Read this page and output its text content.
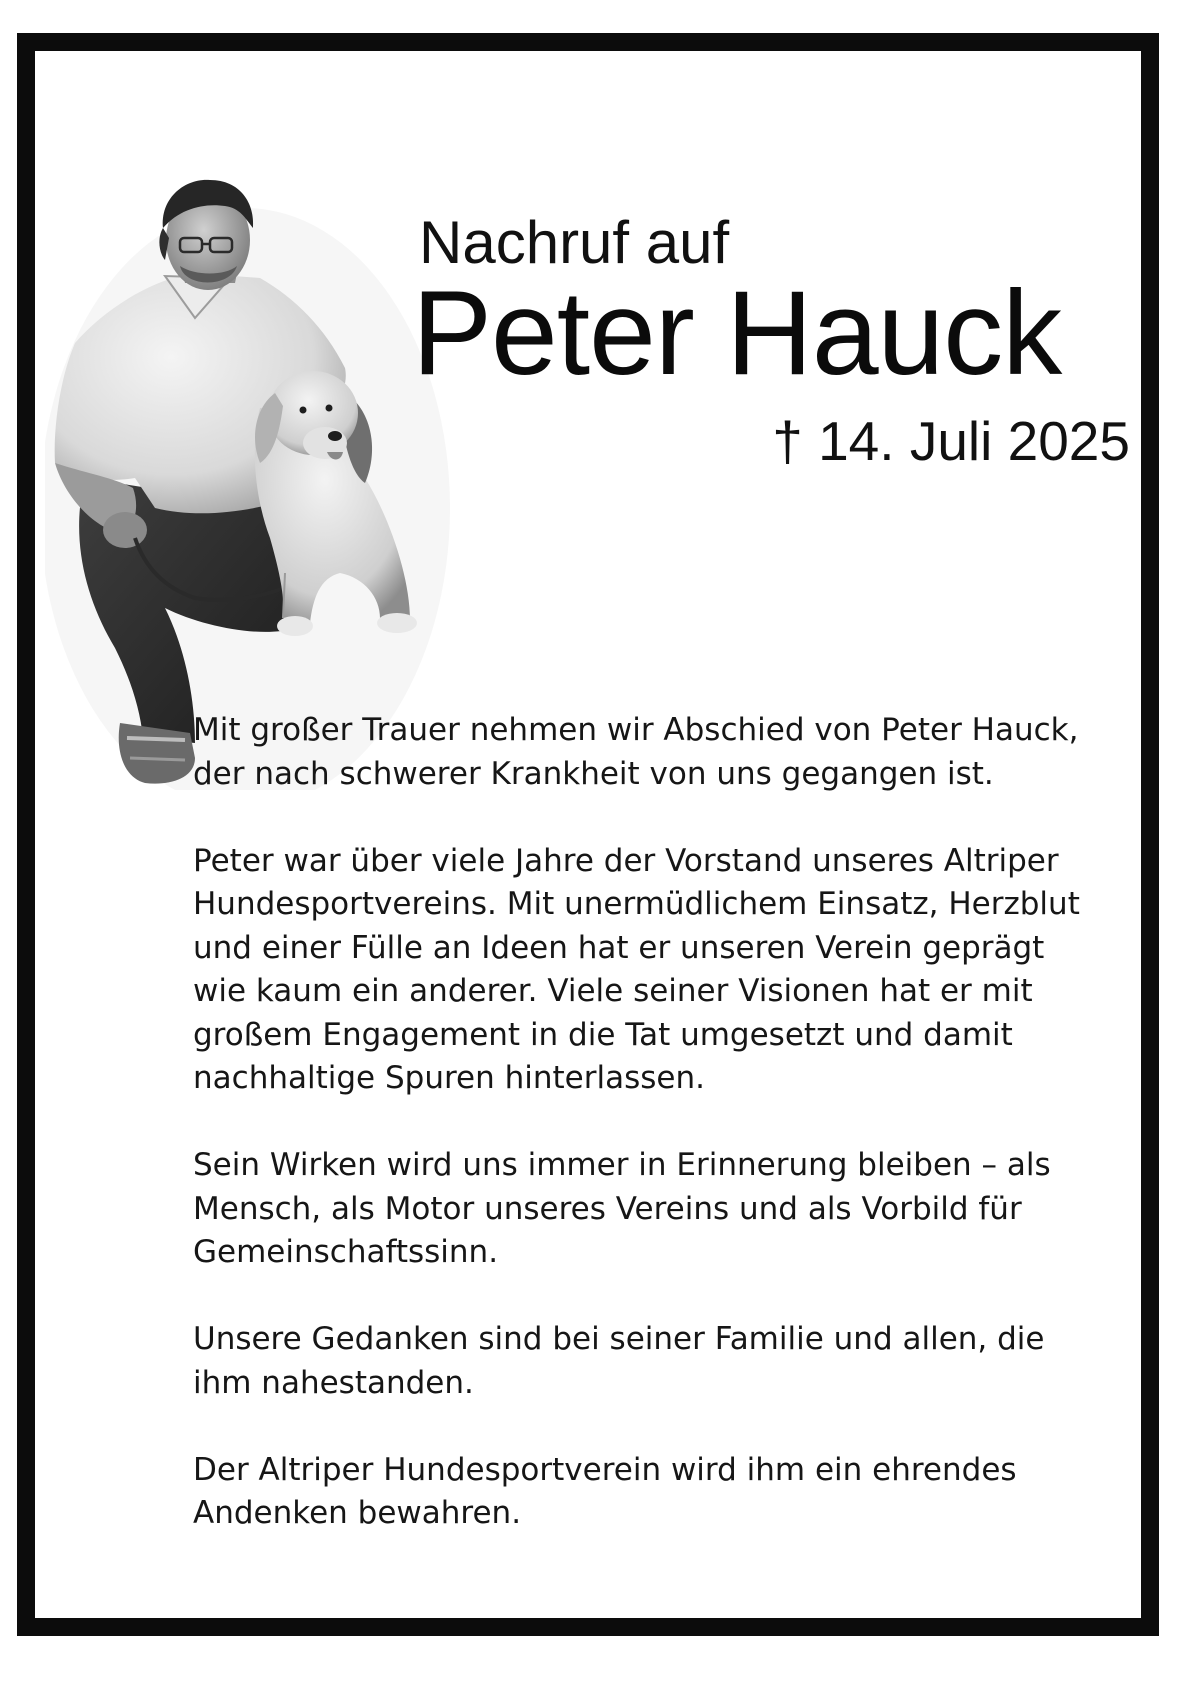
Nachruf auf
Peter Hauck
† 14. Juli 2025

Mit großer Trauer nehmen wir Abschied von Peter Hauck,
der nach schwerer Krankheit von uns gegangen ist.

Peter war über viele Jahre der Vorstand unseres Altriper
Hundesportvereins. Mit unermüdlichem Einsatz, Herzblut
und einer Fülle an Ideen hat er unseren Verein geprägt
wie kaum ein anderer. Viele seiner Visionen hat er mit
großem Engagement in die Tat umgesetzt und damit
nachhaltige Spuren hinterlassen.

Sein Wirken wird uns immer in Erinnerung bleiben – als
Mensch, als Motor unseres Vereins und als Vorbild für
Gemeinschaftssinn.

Unsere Gedanken sind bei seiner Familie und allen, die
ihm nahestanden.

Der Altriper Hundesportverein wird ihm ein ehrendes
Andenken bewahren.
